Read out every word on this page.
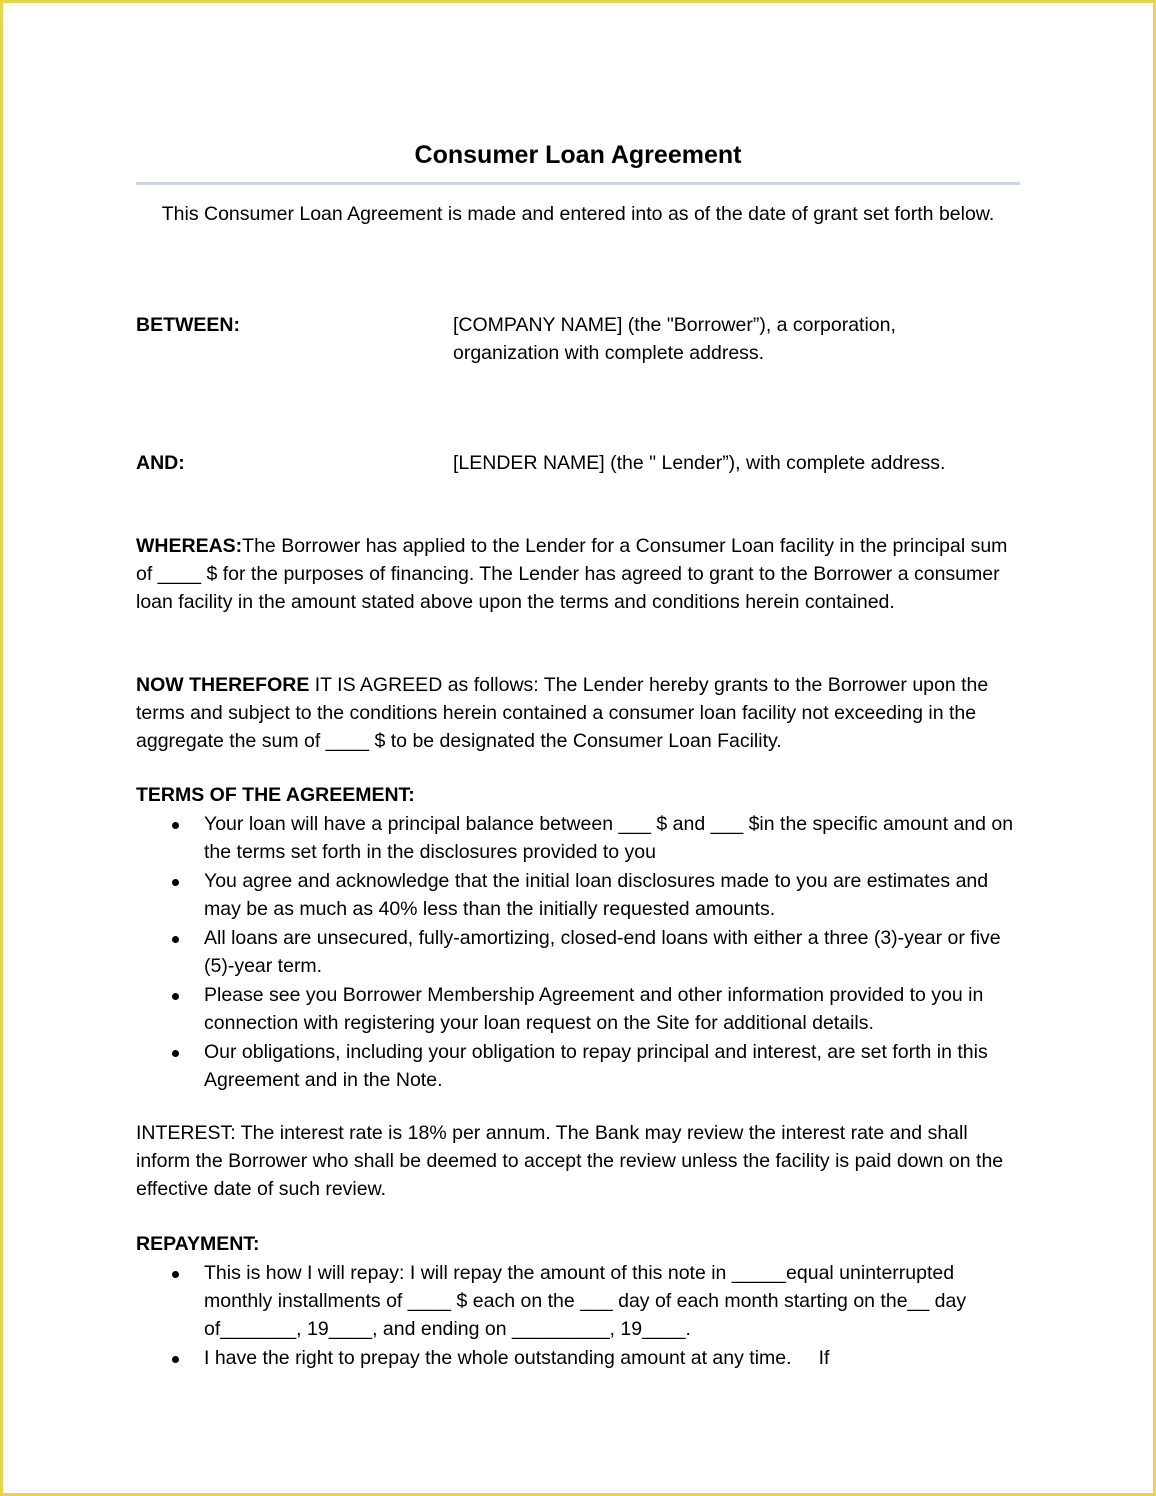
Consumer Loan Agreement
This Consumer Loan Agreement is made and entered into as of the date of grant set forth below.
BETWEEN:	[COMPANY NAME] (the "Borrower”), a corporation, organization with complete address.
AND:	[LENDER NAME] (the " Lender”), with complete address.

WHEREAS:The Borrower has applied to the Lender for a Consumer Loan facility in the principal sum of ____ $ for the purposes of financing. The Lender has agreed to grant to the Borrower a consumer loan facility in the amount stated above upon the terms and conditions herein contained.

NOW THEREFORE IT IS AGREED as follows: The Lender hereby grants to the Borrower upon the terms and subject to the conditions herein contained a consumer loan facility not exceeding in the aggregate the sum of ____ $ to be designated the Consumer Loan Facility.

TERMS OF THE AGREEMENT:
Your loan will have a principal balance between ___ $ and ___ $in the specific amount and on the terms set forth in the disclosures provided to you
You agree and acknowledge that the initial loan disclosures made to you are estimates and may be as much as 40% less than the initially requested amounts.
All loans are unsecured, fully-amortizing, closed-end loans with either a three (3)-year or five (5)-year term.
Please see you Borrower Membership Agreement and other information provided to you in connection with registering your loan request on the Site for additional details.
Our obligations, including your obligation to repay principal and interest, are set forth in this Agreement and in the Note.

INTEREST: The interest rate is 18% per annum. The Bank may review the interest rate and shall inform the Borrower who shall be deemed to accept the review unless the facility is paid down on the effective date of such review.

REPAYMENT:
This is how I will repay: I will repay the amount of this note in _____equal uninterrupted monthly installments of ____ $ each on the ___ day of each month starting on the__ day of_______, 19____, and ending on _________, 19____.
I have the right to prepay the whole outstanding amount at any time.     If
